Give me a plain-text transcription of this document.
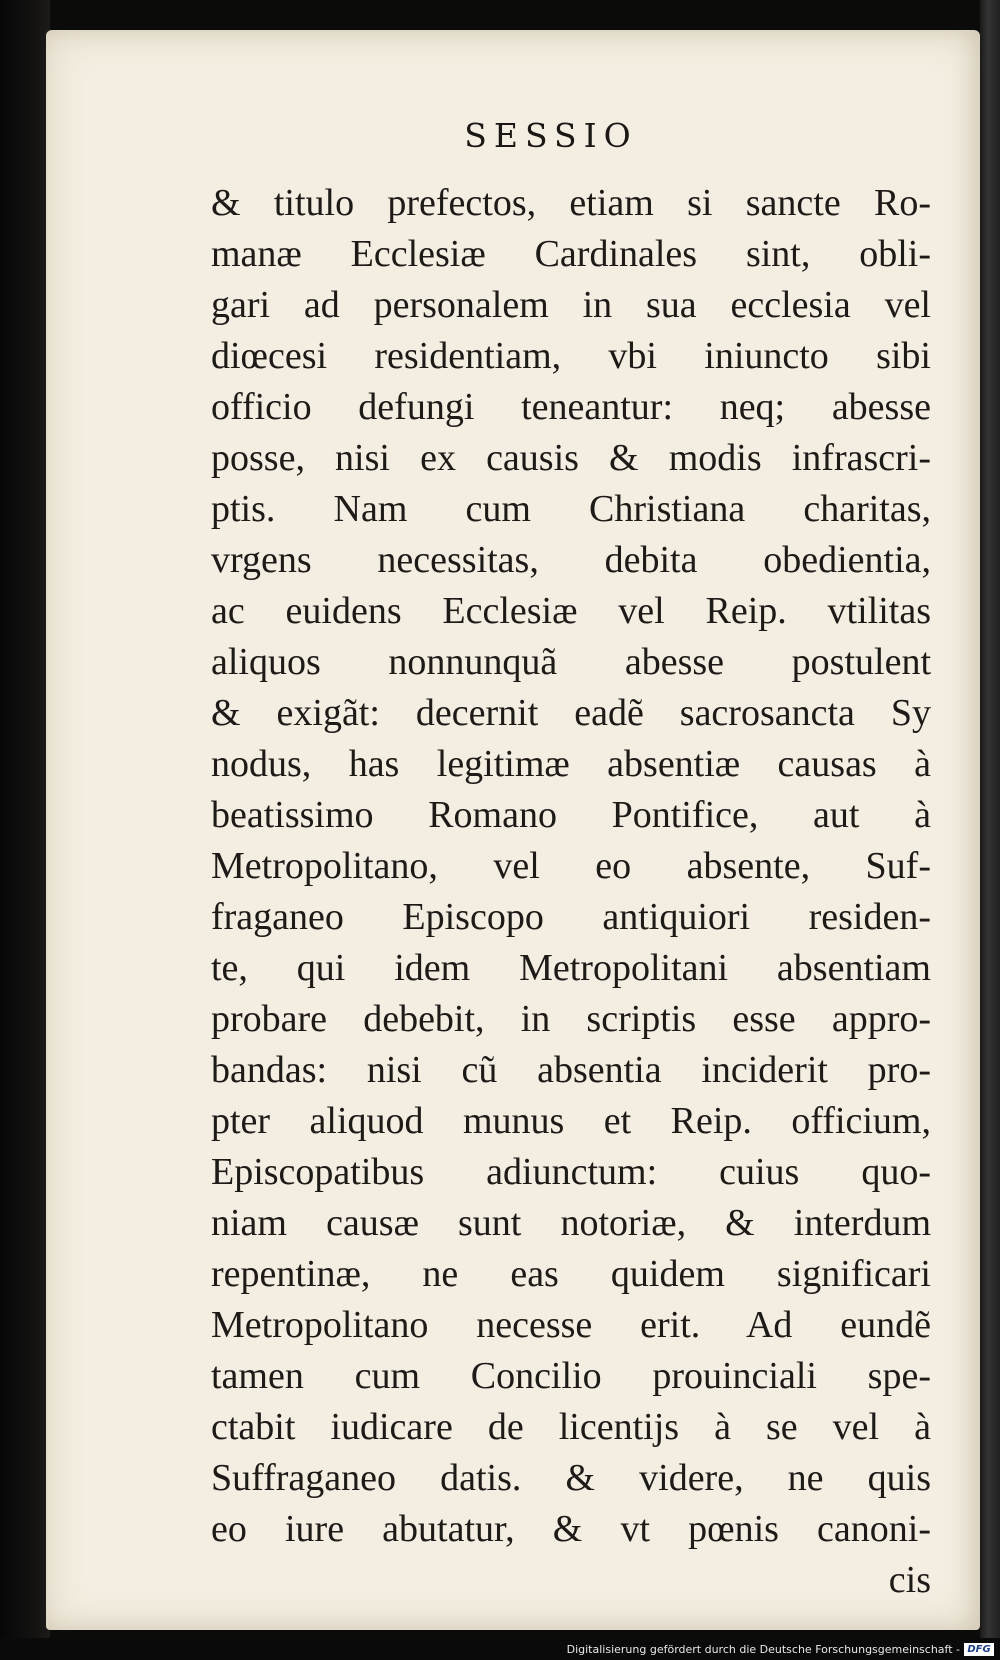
SESSIO
& titulo prefectos, etiam si sancte Ro-
manæ Ecclesiæ Cardinales sint, obli-
gari ad personalem in sua ecclesia vel
diœcesi residentiam, vbi iniuncto sibi
officio defungi teneantur: neq; abesse
posse, nisi ex causis & modis infrascri-
ptis. Nam cum Christiana charitas,
vrgens necessitas, debita obedientia,
ac euidens Ecclesiæ vel Reip. vtilitas
aliquos nonnunquã abesse postulent
& exigãt: decernit eadẽ sacrosancta Sy
nodus, has legitimæ absentiæ causas à
beatissimo Romano Pontifice, aut à
Metropolitano, vel eo absente, Suf-
fraganeo Episcopo antiquiori residen-
te, qui idem Metropolitani absentiam
probare debebit, in scriptis esse appro-
bandas: nisi cũ absentia inciderit pro-
pter aliquod munus et Reip. officium,
Episcopatibus adiunctum: cuius quo-
niam causæ sunt notoriæ, & interdum
repentinæ, ne eas quidem significari
Metropolitano necesse erit. Ad eundẽ
tamen cum Concilio prouinciali spe-
ctabit iudicare de licentijs à se vel à
Suffraganeo datis. & videre, ne quis
eo iure abutatur, & vt pœnis canoni-
cis
Digitalisierung gefördert durch die Deutsche Forschungsgemeinschaft - DFG
